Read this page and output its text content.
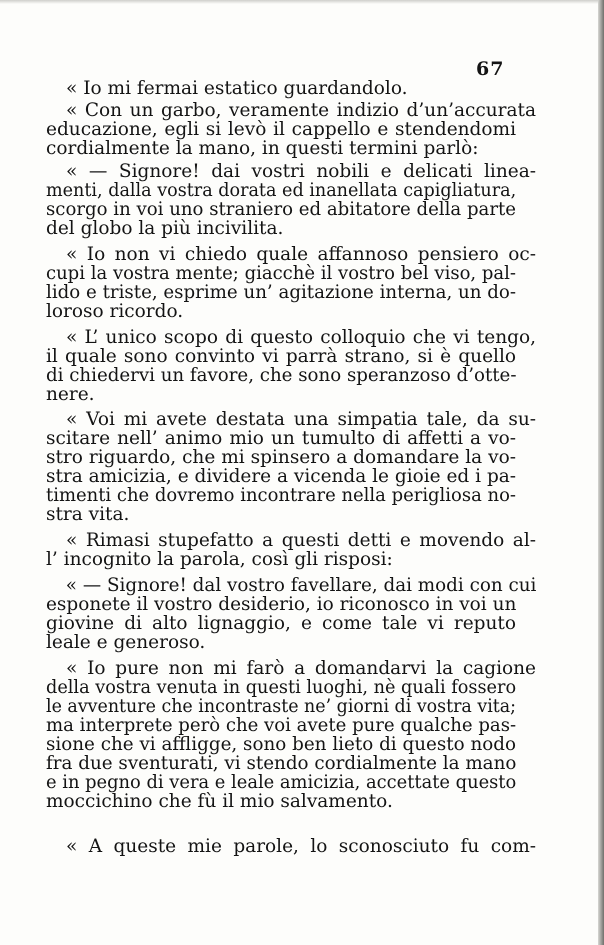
67
« Io mi fermai estatico guardandolo.
« Con un garbo, veramente indizio d’un’accurata
educazione, egli si levò il cappello e stendendomi
cordialmente la mano, in questi termini parlò:
« — Signore! dai vostri nobili e delicati linea-
menti, dalla vostra dorata ed inanellata capigliatura,
scorgo in voi uno straniero ed abitatore della parte
del globo la più incivilita.
« Io non vi chiedo quale affannoso pensiero oc-
cupi la vostra mente; giacchè il vostro bel viso, pal-
lido e triste, esprime un’ agitazione interna, un do-
loroso ricordo.
« L’ unico scopo di questo colloquio che vi tengo,
il quale sono convinto vi parrà strano, si è quello
di chiedervi un favore, che sono speranzoso d’otte-
nere.
« Voi mi avete destata una simpatia tale, da su-
scitare nell’ animo mio un tumulto di affetti a vo-
stro riguardo, che mi spinsero a domandare la vo-
stra amicizia, e dividere a vicenda le gioie ed i pa-
timenti che dovremo incontrare nella perigliosa no-
stra vita.
« Rimasi stupefatto a questi detti e movendo al-
l’ incognito la parola, così gli risposi:
« — Signore! dal vostro favellare, dai modi con cui
esponete il vostro desiderio, io riconosco in voi un
giovine di alto lignaggio, e come tale vi reputo
leale e generoso.
« Io pure non mi farò a domandarvi la cagione
della vostra venuta in questi luoghi, nè quali fossero
le avventure che incontraste ne’ giorni di vostra vita;
ma interprete però che voi avete pure qualche pas-
sione che vi affligge, sono ben lieto di questo nodo
fra due sventurati, vi stendo cordialmente la mano
e in pegno di vera e leale amicizia, accettate questo
moccichino che fù il mio salvamento.
« A queste mie parole, lo sconosciuto fu com-
